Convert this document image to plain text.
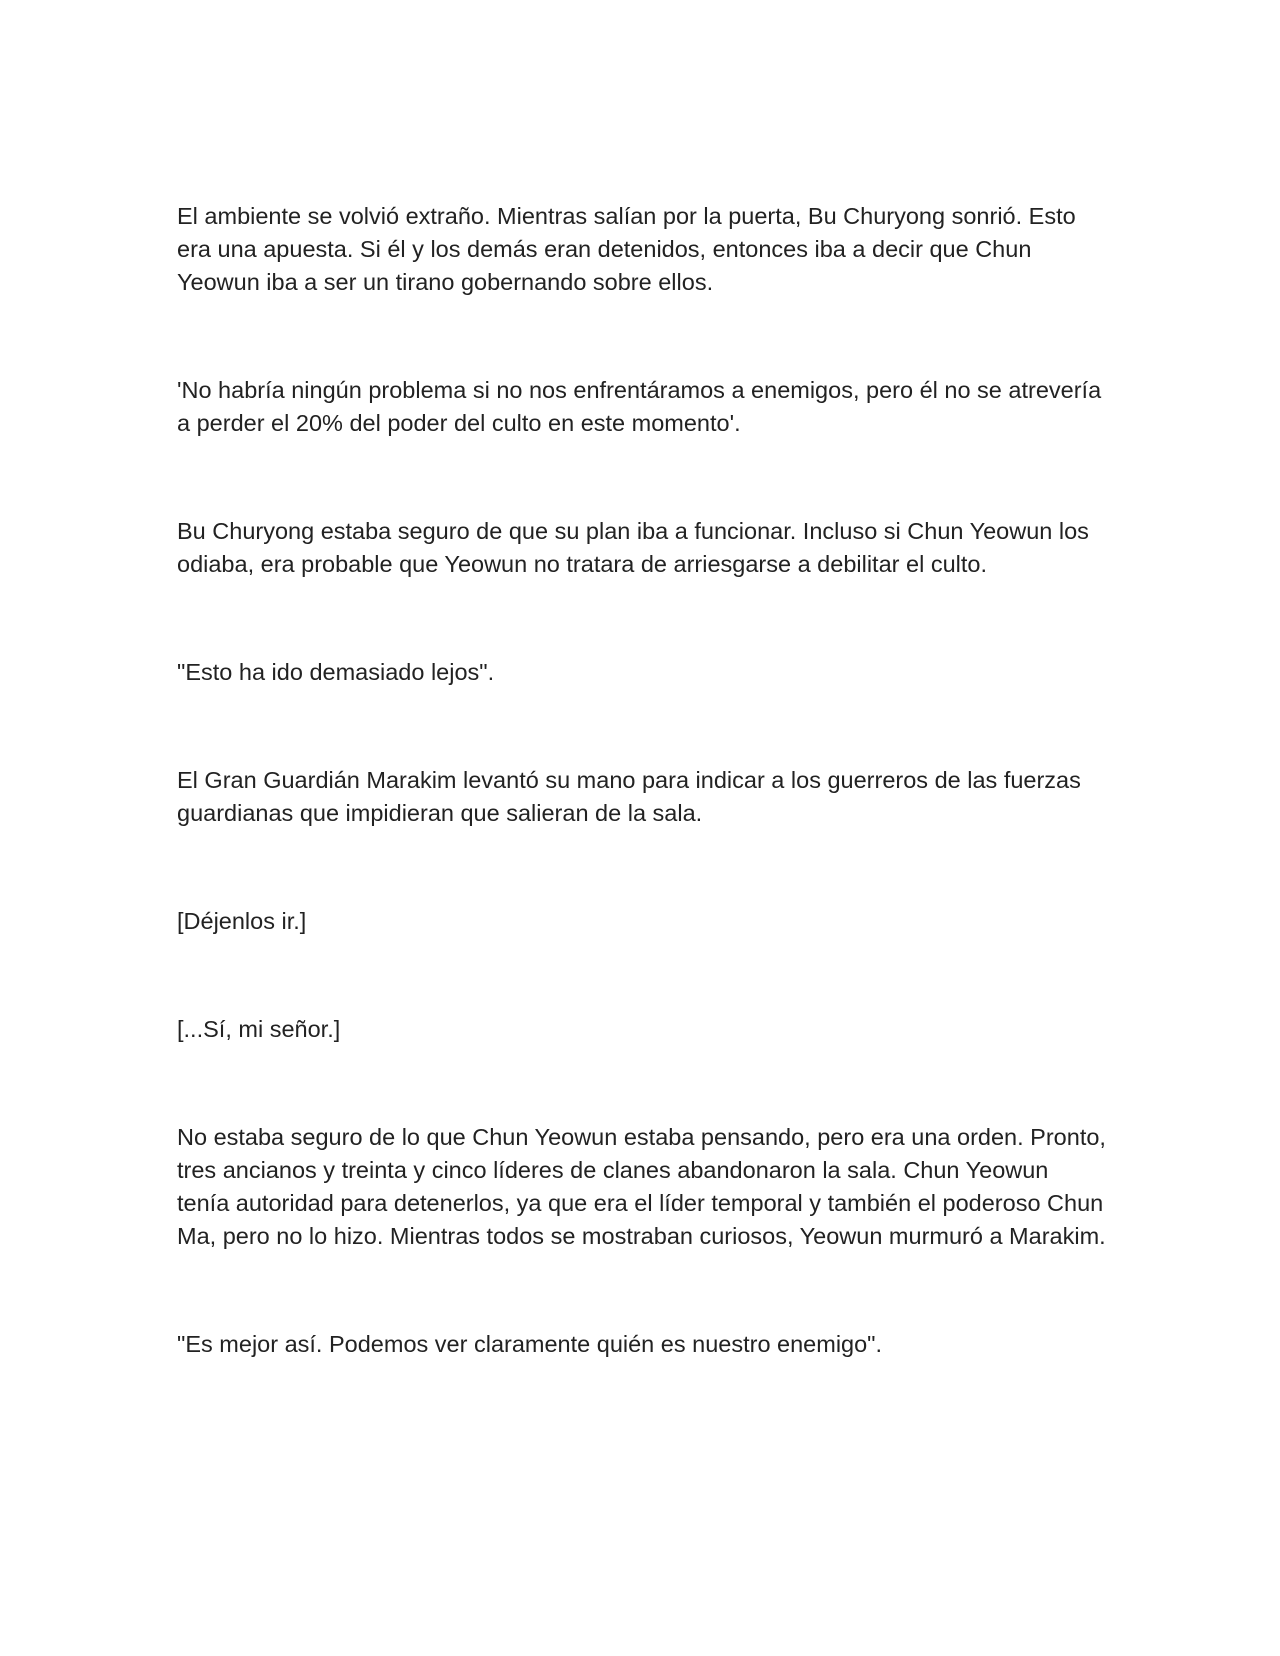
El ambiente se volvió extraño. Mientras salían por la puerta, Bu Churyong sonrió. Esto era una apuesta. Si él y los demás eran detenidos, entonces iba a decir que Chun Yeowun iba a ser un tirano gobernando sobre ellos.

'No habría ningún problema si no nos enfrentáramos a enemigos, pero él no se atrevería a perder el 20% del poder del culto en este momento'.

Bu Churyong estaba seguro de que su plan iba a funcionar. Incluso si Chun Yeowun los odiaba, era probable que Yeowun no tratara de arriesgarse a debilitar el culto.

"Esto ha ido demasiado lejos".

El Gran Guardián Marakim levantó su mano para indicar a los guerreros de las fuerzas guardianas que impidieran que salieran de la sala.

[Déjenlos ir.]

[...Sí, mi señor.]

No estaba seguro de lo que Chun Yeowun estaba pensando, pero era una orden. Pronto, tres ancianos y treinta y cinco líderes de clanes abandonaron la sala. Chun Yeowun tenía autoridad para detenerlos, ya que era el líder temporal y también el poderoso Chun Ma, pero no lo hizo. Mientras todos se mostraban curiosos, Yeowun murmuró a Marakim.

"Es mejor así. Podemos ver claramente quién es nuestro enemigo".
